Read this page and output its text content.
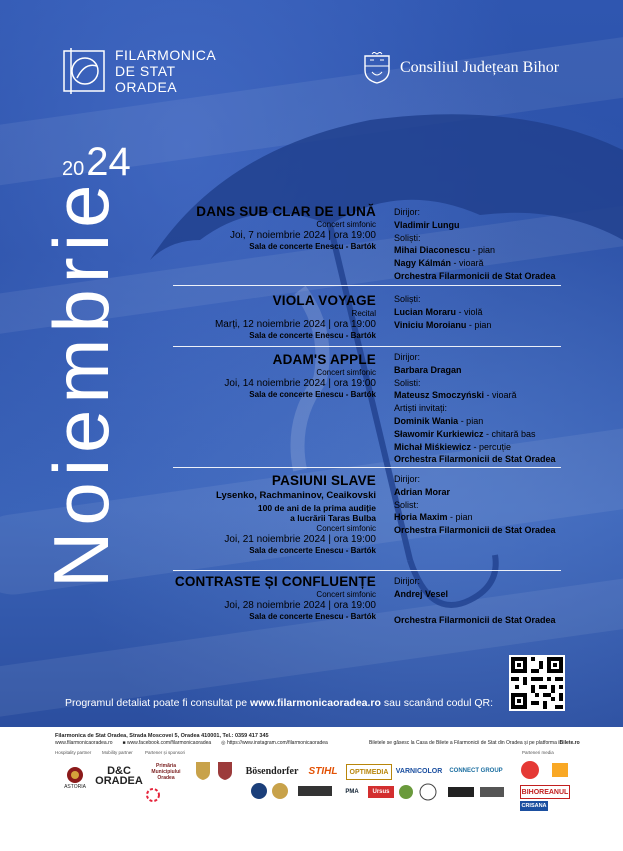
FILARMONICA
DE STAT
ORADEA
Consiliul Județean Bihor
2024
Noiembrie	DANS SUB CLAR DE LUNĂ
Concert simfonic
Joi, 7 noiembrie 2024 | ora 19:00
Sala de concerte Enescu - Bartók
Dirijor:
Vladimir Lungu
Soliști:
Mihai Diaconescu - pian
Nagy Kálmán - vioară
Orchestra Filarmonicii de Stat Oradea
VIOLA VOYAGE
Recital
Marți, 12 noiembrie 2024 | ora 19:00
Sala de concerte Enescu - Bartók
Soliști:
Lucian Moraru - violă
Viniciu Moroianu - pian
ADAM'S APPLE
Concert simfonic
Joi, 14 noiembrie 2024 | ora 19:00
Sala de concerte Enescu - Bartók
Dirijor:
Barbara Dragan
Solisti:
Mateusz Smoczyński - vioară
Artiști invitați:
Dominik Wania - pian
Sławomir Kurkiewicz - chitară bas
Michał Miśkiewicz - percuție
Orchestra Filarmonicii de Stat Oradea
PASIUNI SLAVE
Lysenko, Rachmaninov, Ceaikovski
100 de ani de la prima audiție
a lucrării Taras Bulba
Concert simfonic
Joi, 21 noiembrie 2024 | ora 19:00
Sala de concerte Enescu - Bartók
Dirijor:
Adrian Morar
Solist:
Horia Maxim - pian
Orchestra Filarmonicii de Stat Oradea
CONTRASTE ȘI CONFLUENȚE
Concert simfonic
Joi, 28 noiembrie 2024 | ora 19:00
Sala de concerte Enescu - Bartók
Dirijor:
Andrej Vesel
Orchestra Filarmonicii de Stat Oradea
Programul detaliat poate fi consultat pe www.filarmonicaoradea.ro sau scanând codul QR:
Filarmonica de Stat Oradea, Strada Moscovei 5, Oradea 410001, Tel.: 0359 417 345
www.filarmonicaoradea.ro ■ www.facebook.com/filarmonicaoradea ◎ https://www.instagram.com/filarmonicaoradea	Biletele se găsesc la Casa de Bilete a Filarmonicii de Stat din Oradea și pe platforma iBilete.ro
Hospitality partner Mobility partner	Partener și sponsori	Parteneri media
ASTORIA
D&C ORADEA
Primăria Municipiului Oradea
Bösendorfer STIHL OPTIMEDIA VARNICOLOR CONNECT GROUP
PMA Ursus	BIHOREANUL
CRISANA
